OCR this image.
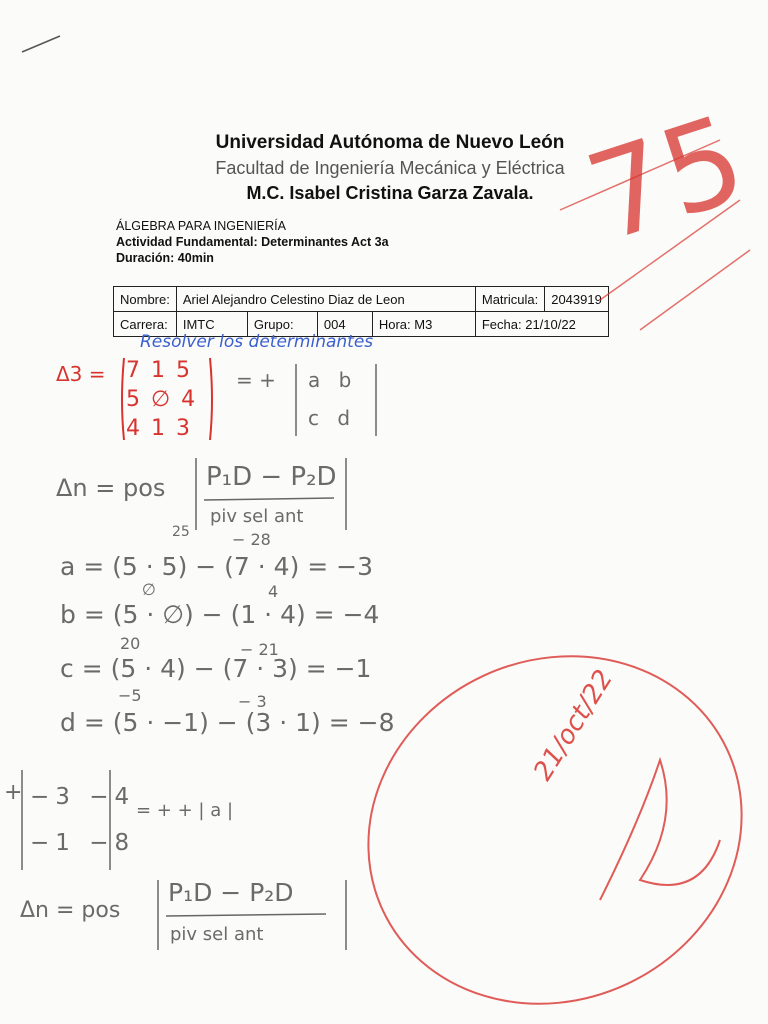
Universidad Autónoma de Nuevo León
Facultad de Ingeniería Mecánica y Eléctrica
M.C. Isabel Cristina Garza Zavala.
ÁLGEBRA PARA INGENIERÍA
Actividad Fundamental: Determinantes Act 3a
Duración: 40min
Nombre:	Ariel Alejandro Celestino Diaz de Leon				Matricula:	2043919
Carrera:	IMTC	Grupo:	004	Hora: M3	Fecha: 21/10/22	
Resolver los determinantes
Δ3 = 7 1 5
5 ∅ 4
4 1 3
= + a b
c d
Δn = pos P₁D − P₂D
piv sel ant
25	− 28
a = (5 · 5) − (7 · 4) = −3
∅	4
b = (5 · ∅) − (1 · 4) = −4
20	− 21
c = (5 · 4) − (7 · 3) = −1
−5	− 3
d = (5 · −1) − (3 · 1) = −8
+ −3 −4
−1 −8
= + + | a |
Δn = pos
P₁D − P₂D
piv sel ant
75
21/oct/22
